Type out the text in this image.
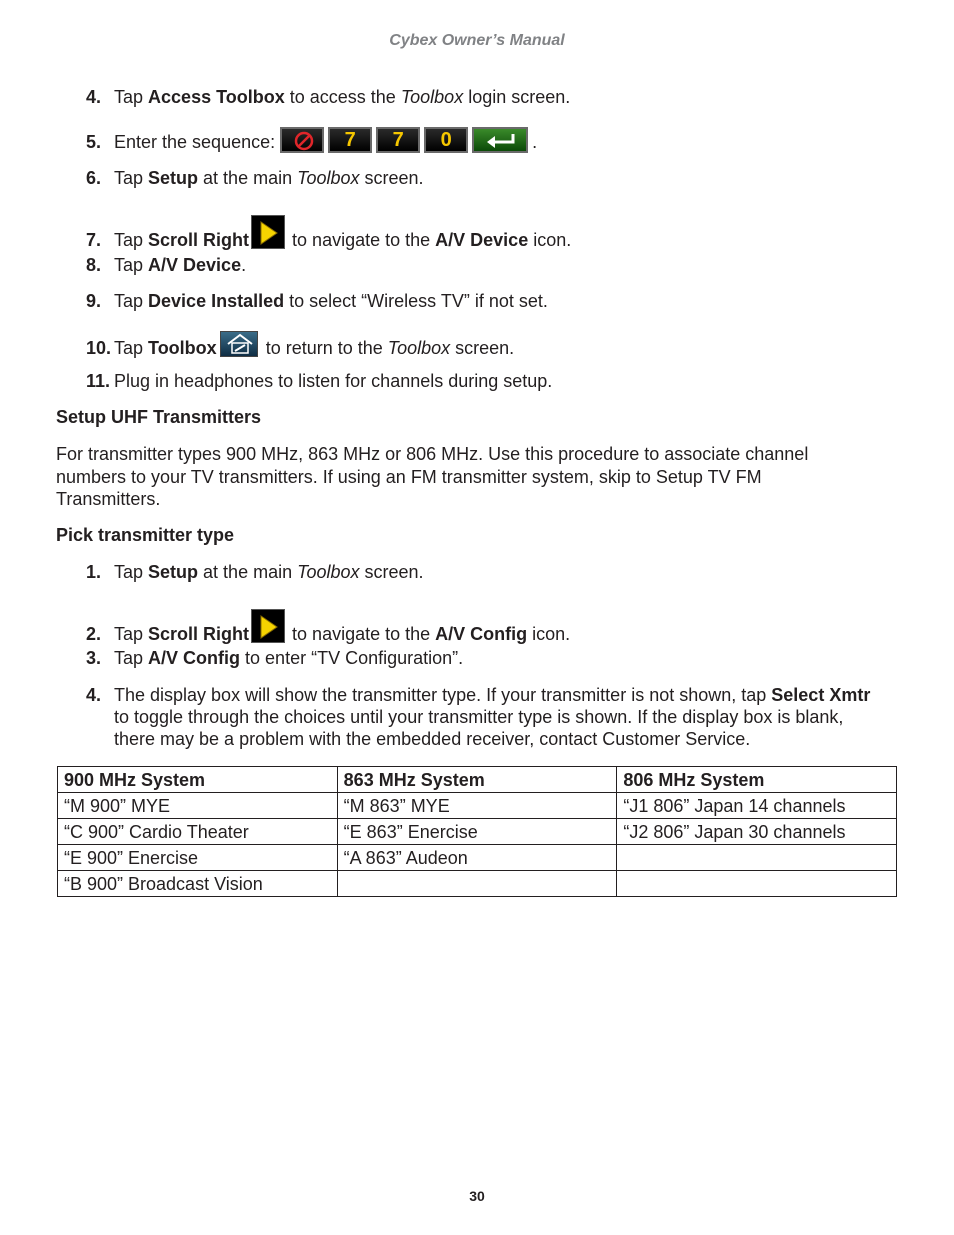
Cybex Owner’s Manual
4. Tap Access Toolbox to access the Toolbox login screen.
5. Enter the sequence:	7 7 0	.
6. Tap Setup at the main Toolbox screen.
7. Tap Scroll Right
to navigate to the A/V Device icon.
8. Tap A/V Device.
9. Tap Device Installed to select “Wireless TV” if not set.
10. Tap Toolbox
to return to the Toolbox screen.
11. Plug in headphones to listen for channels during setup.
Setup UHF Transmitters
For transmitter types 900 MHz, 863 MHz or 806 MHz. Use this procedure to associate channel numbers to your TV transmitters. If using an FM transmitter system, skip to Setup TV FM Transmitters.
Pick transmitter type
1. Tap Setup at the main Toolbox screen.
2. Tap Scroll Right
to navigate to the A/V Config icon.
3. Tap A/V Config to enter “TV Configuration”.
4. The display box will show the transmitter type. If your transmitter is not shown, tap Select Xmtr to toggle through the choices until your transmitter type is shown. If the display box is blank, there may be a problem with the embedded receiver, contact Customer Service.
900 MHz System	863 MHz System	806 MHz System
“M 900” MYE	“M 863” MYE	“J1 806” Japan 14 channels
“C 900” Cardio Theater	“E 863” Enercise	“J2 806” Japan 30 channels
“E 900” Enercise	“A 863” Audeon	
“B 900” Broadcast Vision		
30
